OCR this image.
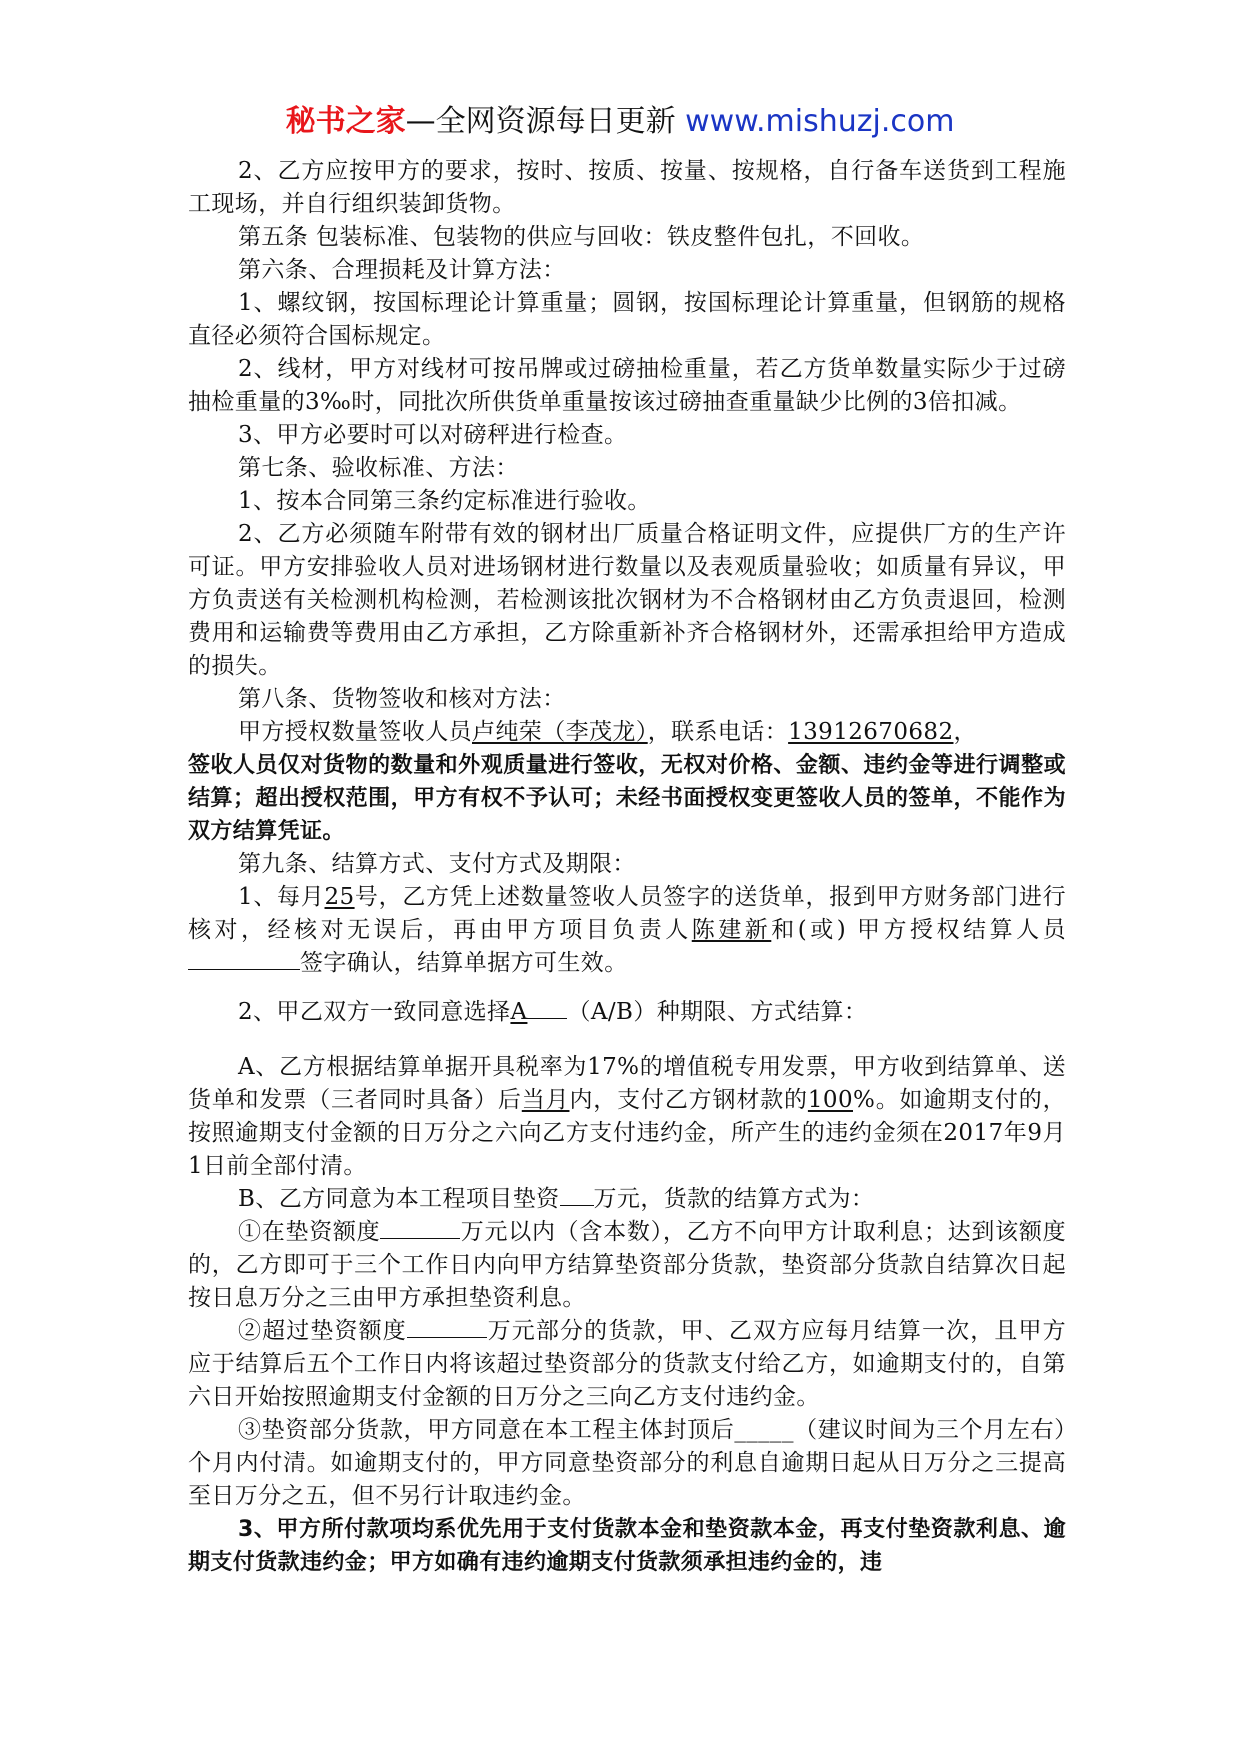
秘书之家—全网资源每日更新 www.mishuzj.com

2、乙方应按甲方的要求，按时、按质、按量、按规格，自行备车送货到工程施工现场，并自行组织装卸货物。

第五条 包装标准、包装物的供应与回收：铁皮整件包扎，不回收。

第六条、合理损耗及计算方法：

1、螺纹钢，按国标理论计算重量；圆钢，按国标理论计算重量，但钢筋的规格直径必须符合国标规定。

2、线材，甲方对线材可按吊牌或过磅抽检重量，若乙方货单数量实际少于过磅抽检重量的3‰时，同批次所供货单重量按该过磅抽查重量缺少比例的3倍扣减。

3、甲方必要时可以对磅秤进行检查。

第七条、验收标准、方法：

1、按本合同第三条约定标准进行验收。

2、乙方必须随车附带有效的钢材出厂质量合格证明文件，应提供厂方的生产许可证。甲方安排验收人员对进场钢材进行数量以及表观质量验收；如质量有异议，甲方负责送有关检测机构检测，若检测该批次钢材为不合格钢材由乙方负责退回，检测费用和运输费等费用由乙方承担，乙方除重新补齐合格钢材外，还需承担给甲方造成的损失。

第八条、货物签收和核对方法：

甲方授权数量签收人员卢纯荣（李茂龙），联系电话：13912670682，

签收人员仅对货物的数量和外观质量进行签收，无权对价格、金额、违约金等进行调整或结算；超出授权范围，甲方有权不予认可；未经书面授权变更签收人员的签单，不能作为双方结算凭证。

第九条、结算方式、支付方式及期限：

1、每月25号，乙方凭上述数量签收人员签字的送货单，报到甲方财务部门进行核对，经核对无误后，再由甲方项目负责人陈建新和(或) 甲方授权结算人员签字确认，结算单据方可生效。

2、甲乙双方一致同意选择A （A/B）种期限、方式结算：

A、乙方根据结算单据开具税率为17%的增值税专用发票，甲方收到结算单、送货单和发票（三者同时具备）后当月内，支付乙方钢材款的100%。如逾期支付的，按照逾期支付金额的日万分之六向乙方支付违约金，所产生的违约金须在2017年9月1日前全部付清。

B、乙方同意为本工程项目垫资 万元，货款的结算方式为：

①在垫资额度	万元以内（含本数），乙方不向甲方计取利息；达到该额度的，乙方即可于三个工作日内向甲方结算垫资部分货款，垫资部分货款自结算次日起按日息万分之三由甲方承担垫资利息。

②超过垫资额度	万元部分的货款，甲、乙双方应每月结算一次，且甲方应于结算后五个工作日内将该超过垫资部分的货款支付给乙方，如逾期支付的，自第六日开始按照逾期支付金额的日万分之三向乙方支付违约金。

③垫资部分货款，甲方同意在本工程主体封顶后_____（建议时间为三个月左右）个月内付清。如逾期支付的，甲方同意垫资部分的利息自逾期日起从日万分之三提高至日万分之五，但不另行计取违约金。

3、甲方所付款项均系优先用于支付货款本金和垫资款本金，再支付垫资款利息、逾期支付货款违约金；甲方如确有违约逾期支付货款须承担违约金的，违
